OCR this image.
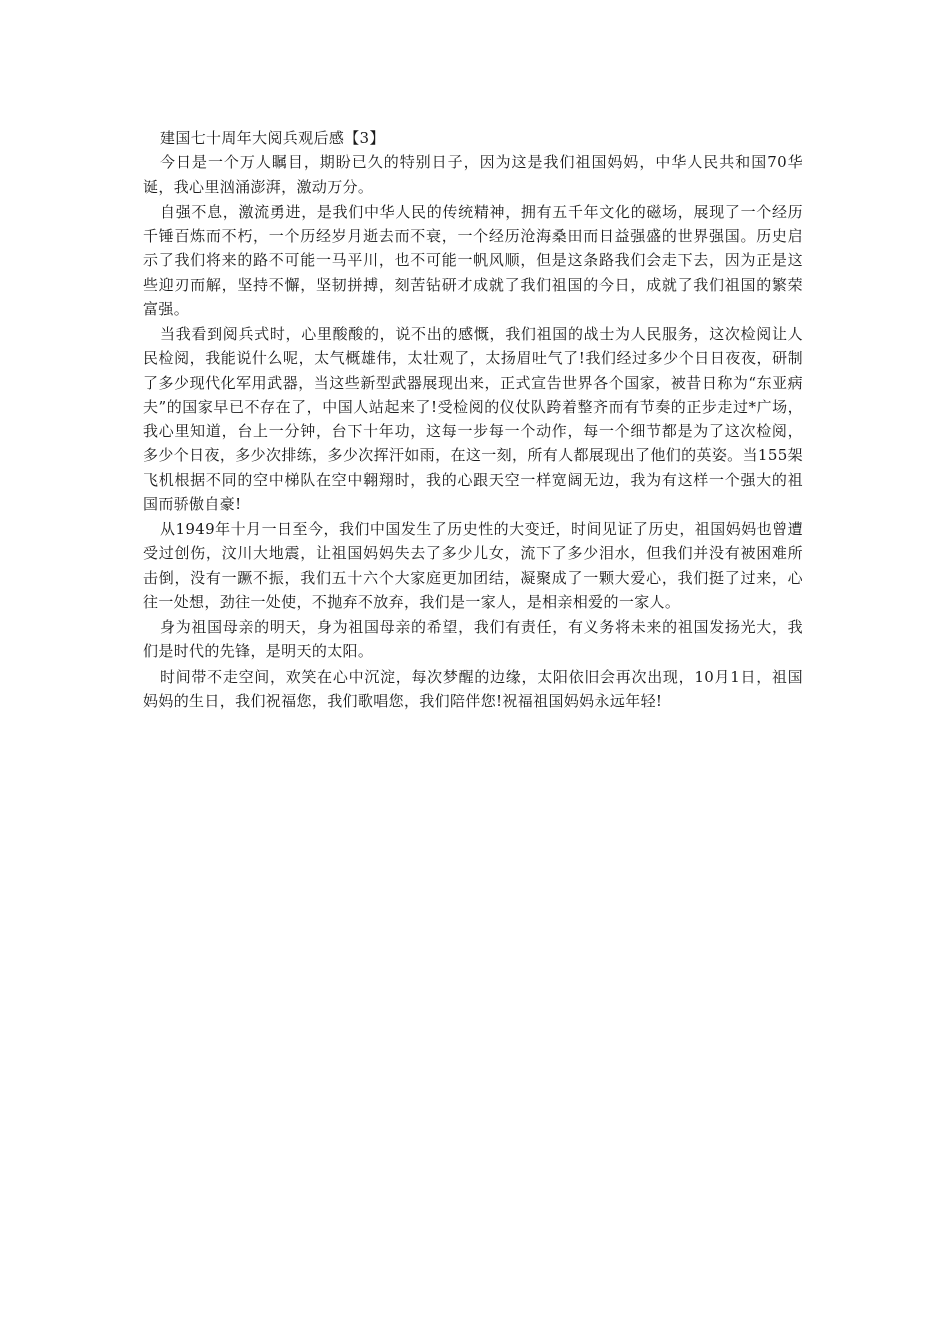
建国七十周年大阅兵观后感【3】

今日是一个万人瞩目，期盼已久的特别日子，因为这是我们祖国妈妈，中华人民共和国70华诞，我心里汹涌澎湃，激动万分。

自强不息，激流勇进，是我们中华人民的传统精神，拥有五千年文化的磁场，展现了一个经历千锤百炼而不朽，一个历经岁月逝去而不衰，一个经历沧海桑田而日益强盛的世界强国。历史启示了我们将来的路不可能一马平川，也不可能一帆风顺，但是这条路我们会走下去，因为正是这些迎刃而解，坚持不懈，坚韧拼搏，刻苦钻研才成就了我们祖国的今日，成就了我们祖国的繁荣富强。

当我看到阅兵式时，心里酸酸的，说不出的感慨，我们祖国的战士为人民服务，这次检阅让人民检阅，我能说什么呢，太气概雄伟，太壮观了，太扬眉吐气了!我们经过多少个日日夜夜，研制了多少现代化军用武器，当这些新型武器展现出来，正式宣告世界各个国家，被昔日称为“东亚病夫”的国家早已不存在了，中国人站起来了!受检阅的仪仗队跨着整齐而有节奏的正步走过*广场，我心里知道，台上一分钟，台下十年功，这每一步每一个动作，每一个细节都是为了这次检阅，多少个日夜，多少次排练，多少次挥汗如雨，在这一刻，所有人都展现出了他们的英姿。当155架飞机根据不同的空中梯队在空中翱翔时，我的心跟天空一样宽阔无边，我为有这样一个强大的祖国而骄傲自豪!

从1949年十月一日至今，我们中国发生了历史性的大变迁，时间见证了历史，祖国妈妈也曾遭受过创伤，汶川大地震，让祖国妈妈失去了多少儿女，流下了多少泪水，但我们并没有被困难所击倒，没有一蹶不振，我们五十六个大家庭更加团结，凝聚成了一颗大爱心，我们挺了过来，心往一处想，劲往一处使，不抛弃不放弃，我们是一家人，是相亲相爱的一家人。

身为祖国母亲的明天，身为祖国母亲的希望，我们有责任，有义务将未来的祖国发扬光大，我们是时代的先锋，是明天的太阳。

时间带不走空间，欢笑在心中沉淀，每次梦醒的边缘，太阳依旧会再次出现，10月1日，祖国妈妈的生日，我们祝福您，我们歌唱您，我们陪伴您!祝福祖国妈妈永远年轻!
